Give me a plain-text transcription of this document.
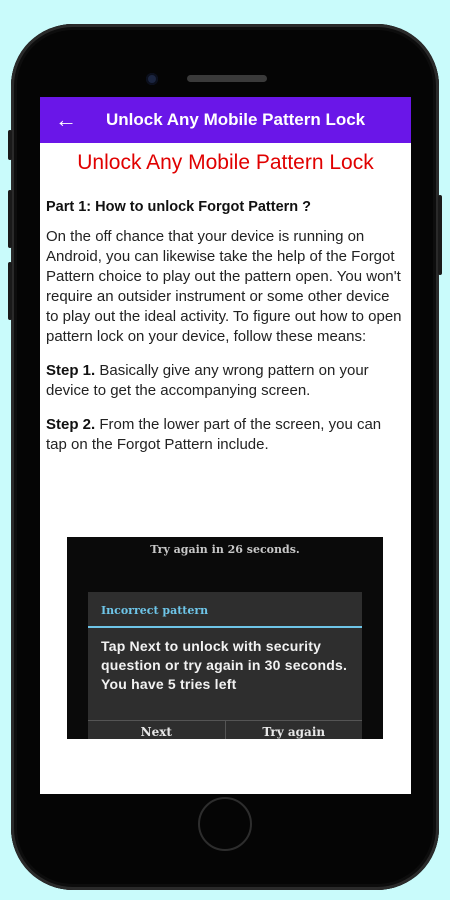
← Unlock Any Mobile Pattern Lock
Unlock Any Mobile Pattern Lock
Part 1: How to unlock Forgot Pattern ?

On the off chance that your device is running on Android, you can likewise take the help of the Forgot Pattern choice to play out the pattern open. You won't require an outsider instrument or some other device to play out the ideal activity. To figure out how to open pattern lock on your device, follow these means:

Step 1. Basically give any wrong pattern on your device to get the accompanying screen.

Step 2. From the lower part of the screen, you can tap on the Forgot Pattern include.

Try again in 26 seconds.
Incorrect pattern
Tap Next to unlock with security question or try again in 30 seconds. You have 5 tries left
Next	Try again
